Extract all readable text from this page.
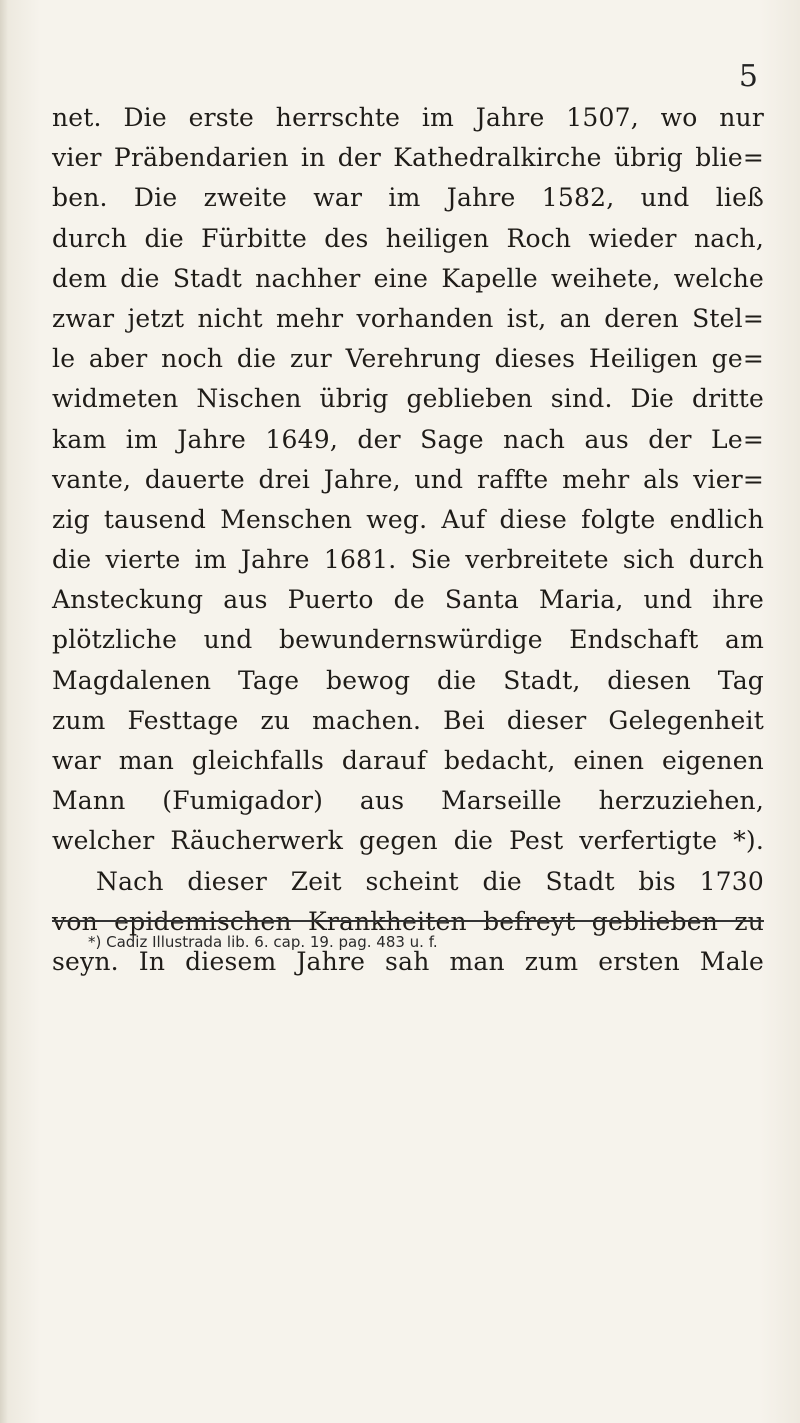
5
net. Die erste herrschte im Jahre 1507, wo nur
vier Präbendarien in der Kathedralkirche übrig blie=
ben. Die zweite war im Jahre 1582, und ließ
durch die Fürbitte des heiligen Roch wieder nach,
dem die Stadt nachher eine Kapelle weihete, welche
zwar jetzt nicht mehr vorhanden ist, an deren Stel=
le aber noch die zur Verehrung dieses Heiligen ge=
widmeten Nischen übrig geblieben sind. Die dritte
kam im Jahre 1649, der Sage nach aus der Le=
vante, dauerte drei Jahre, und raffte mehr als vier=
zig tausend Menschen weg. Auf diese folgte endlich
die vierte im Jahre 1681. Sie verbreitete sich durch
Ansteckung aus Puerto de Santa Maria, und ihre
plötzliche und bewundernswürdige Endschaft am
Magdalenen Tage bewog die Stadt, diesen Tag
zum Festtage zu machen. Bei dieser Gelegenheit
war man gleichfalls darauf bedacht, einen eigenen
Mann (Fumigador) aus Marseille herzuziehen,
welcher Räucherwerk gegen die Pest verfertigte *).
Nach dieser Zeit scheint die Stadt bis 1730
von epidemischen Krankheiten befreyt geblieben zu
seyn. In diesem Jahre sah man zum ersten Male
*) Cadiz Illustrada lib. 6. cap. 19. pag. 483 u. f.
